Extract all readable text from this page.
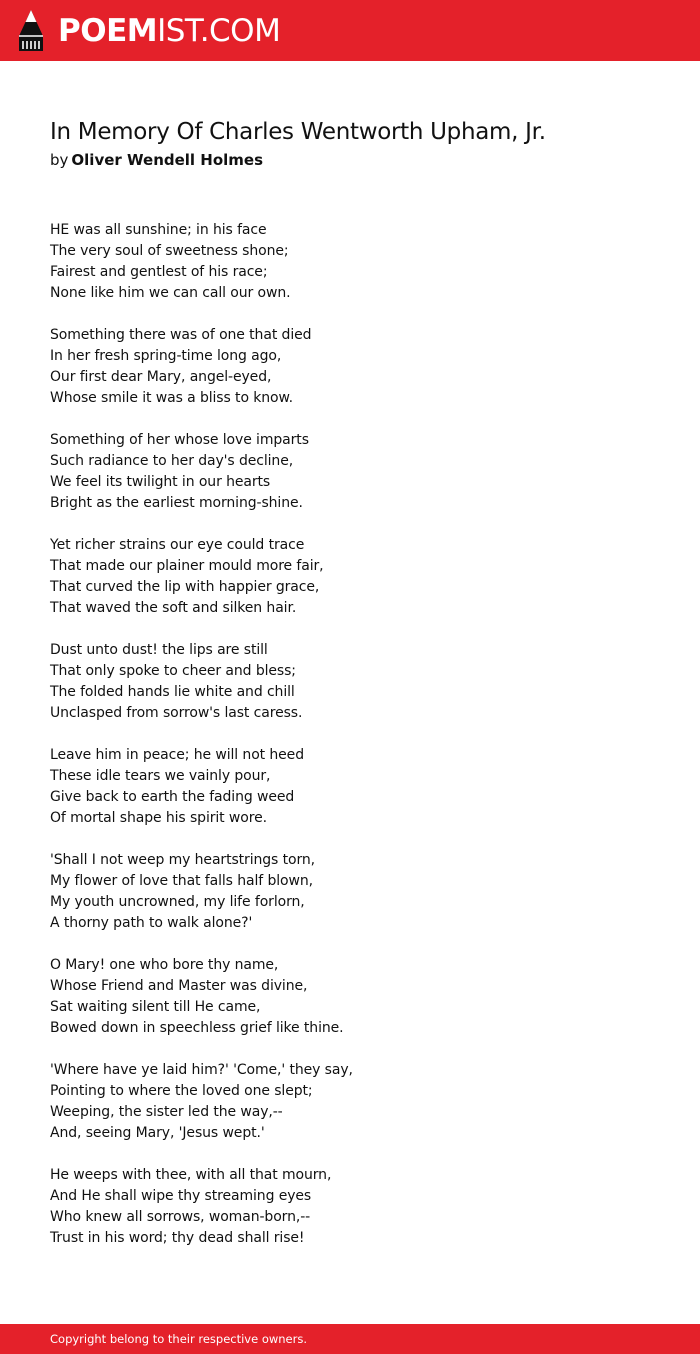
POEMIST.COM
In Memory Of Charles Wentworth Upham, Jr.
by Oliver Wendell Holmes
HE was all sunshine; in his face
The very soul of sweetness shone;
Fairest and gentlest of his race;
None like him we can call our own.
Something there was of one that died
In her fresh spring-time long ago,
Our first dear Mary, angel-eyed,
Whose smile it was a bliss to know.
Something of her whose love imparts
Such radiance to her day's decline,
We feel its twilight in our hearts
Bright as the earliest morning-shine.
Yet richer strains our eye could trace
That made our plainer mould more fair,
That curved the lip with happier grace,
That waved the soft and silken hair.
Dust unto dust! the lips are still
That only spoke to cheer and bless;
The folded hands lie white and chill
Unclasped from sorrow's last caress.
Leave him in peace; he will not heed
These idle tears we vainly pour,
Give back to earth the fading weed
Of mortal shape his spirit wore.
'Shall I not weep my heartstrings torn,
My flower of love that falls half blown,
My youth uncrowned, my life forlorn,
A thorny path to walk alone?'
O Mary! one who bore thy name,
Whose Friend and Master was divine,
Sat waiting silent till He came,
Bowed down in speechless grief like thine.
'Where have ye laid him?' 'Come,' they say,
Pointing to where the loved one slept;
Weeping, the sister led the way,--
And, seeing Mary, 'Jesus wept.'
He weeps with thee, with all that mourn,
And He shall wipe thy streaming eyes
Who knew all sorrows, woman-born,--
Trust in his word; thy dead shall rise!
Copyright belong to their respective owners.
